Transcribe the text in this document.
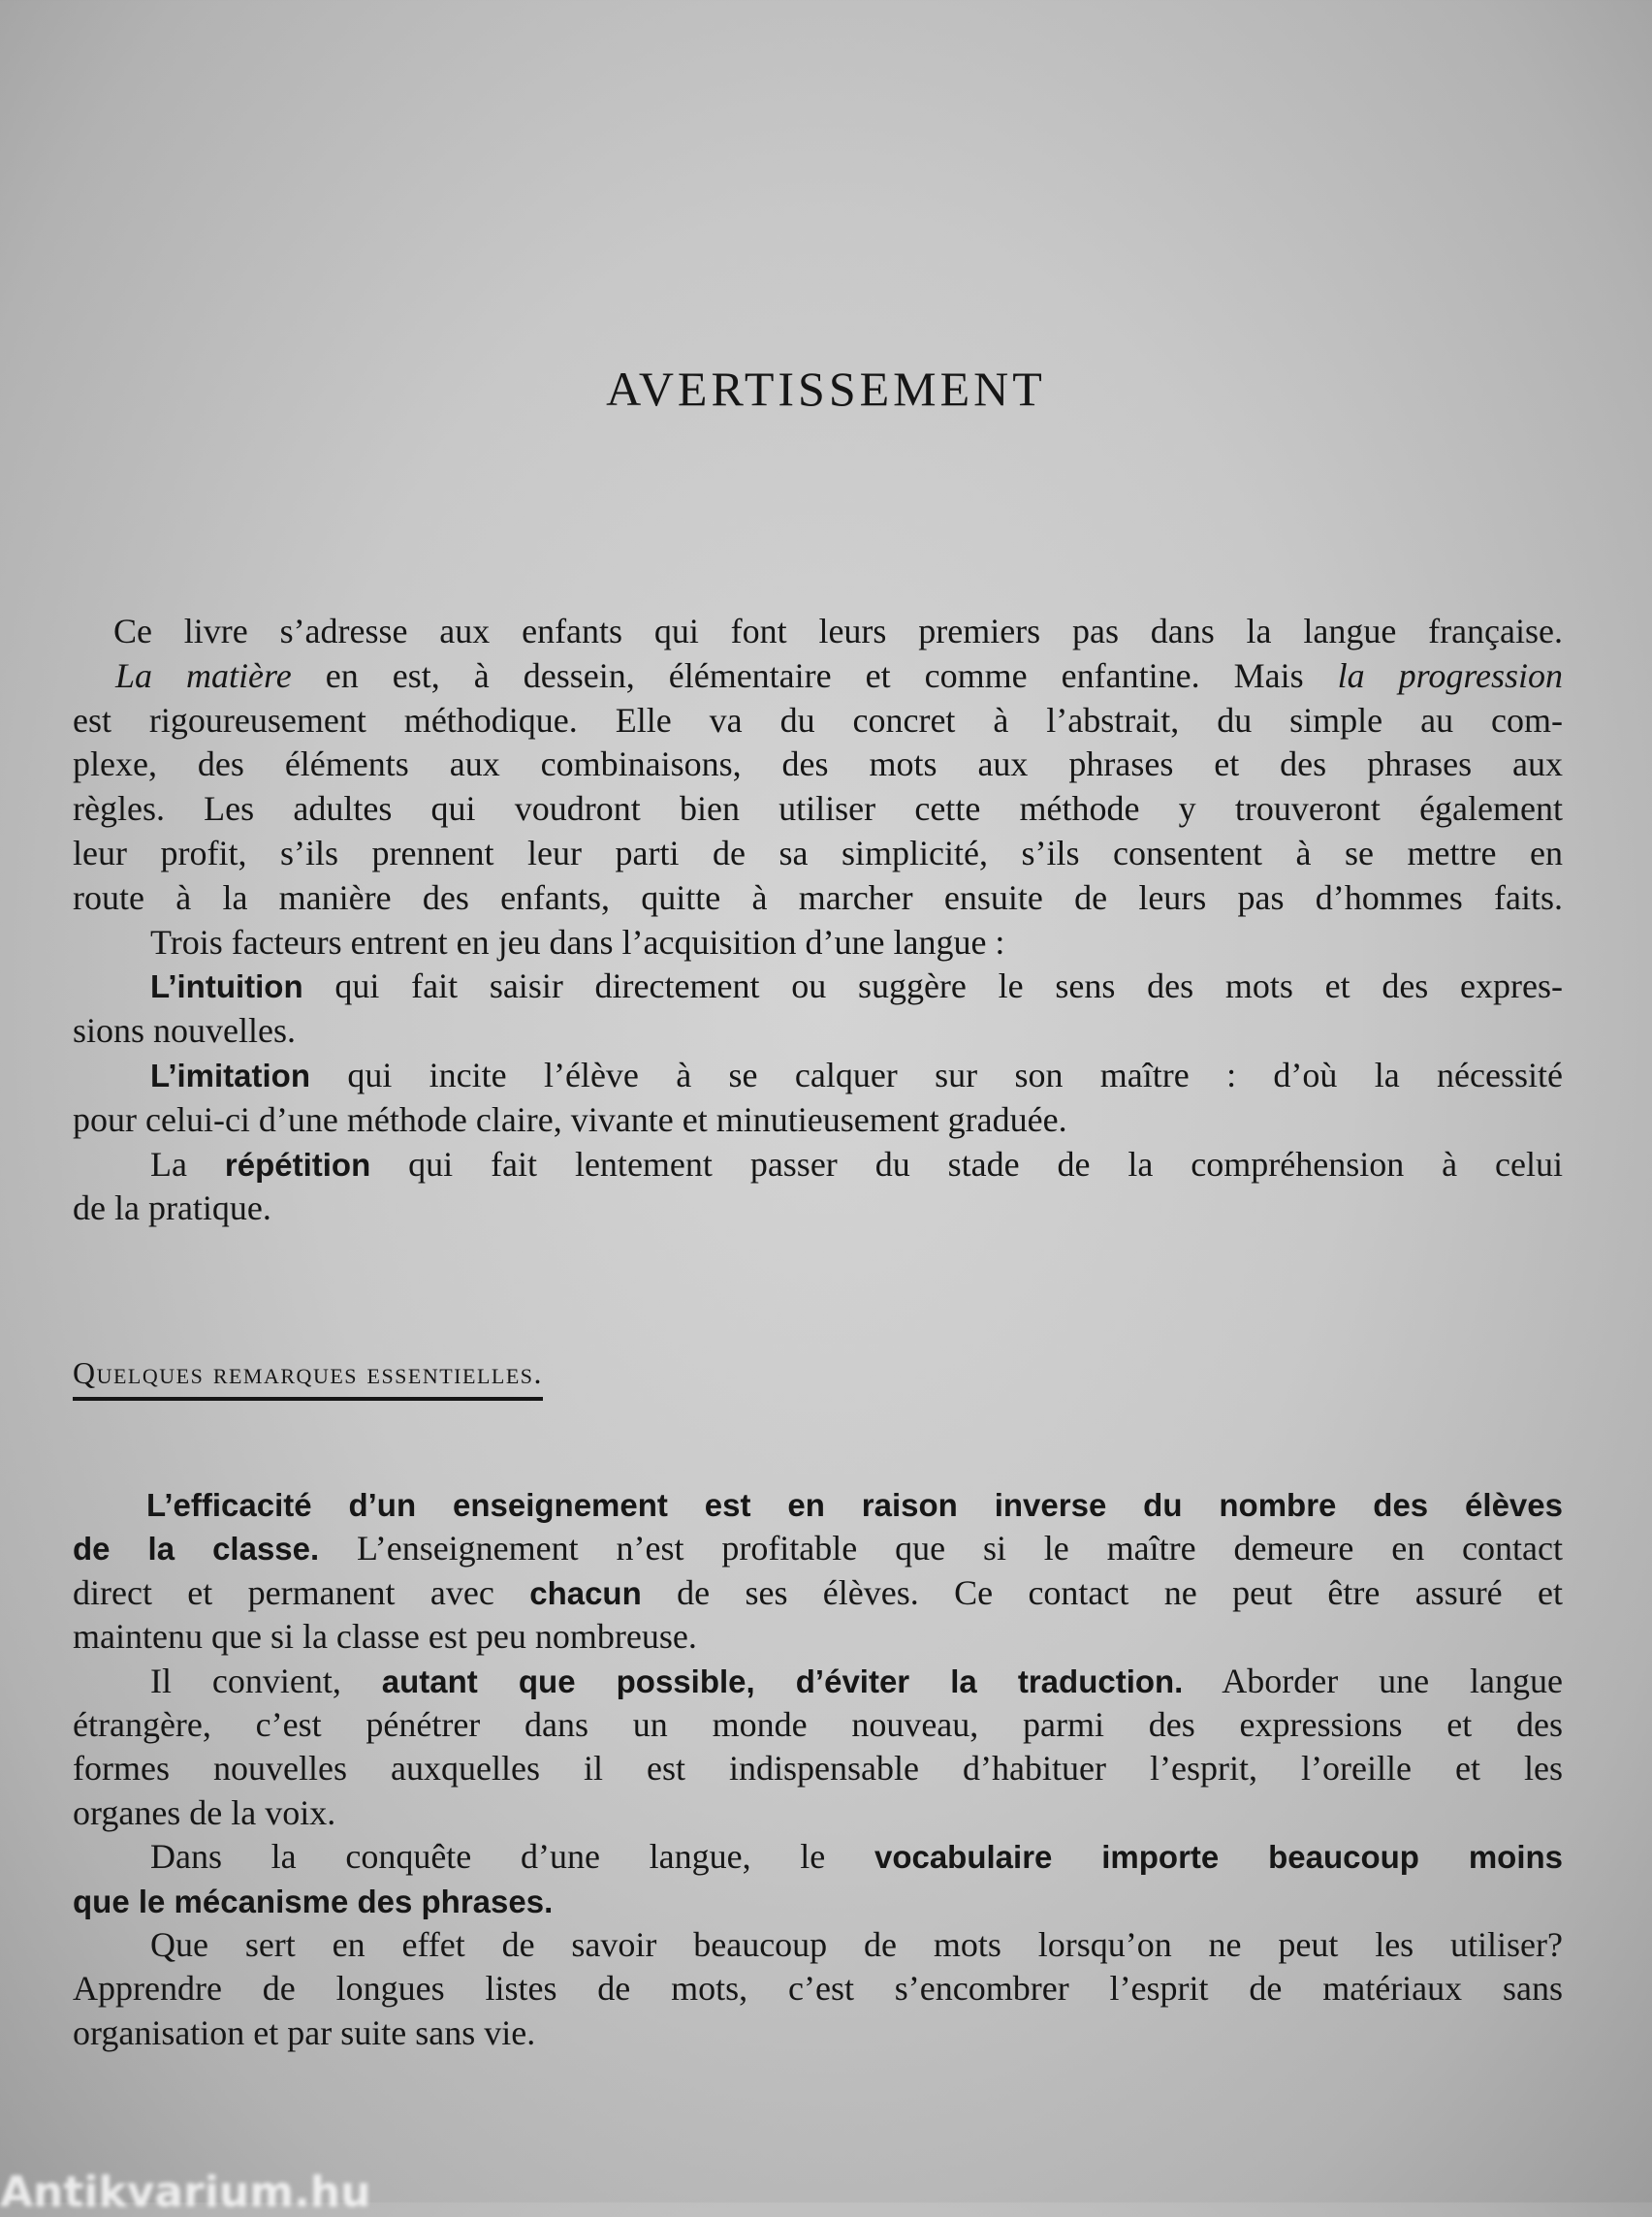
AVERTISSEMENT
Ce livre s’adresse aux enfants qui font leurs premiers pas dans la langue française.
La matière en est, à dessein, élémentaire et comme enfantine. Mais la progression
est rigoureusement méthodique. Elle va du concret à l’abstrait, du simple au com-
plexe, des éléments aux combinaisons, des mots aux phrases et des phrases aux
règles. Les adultes qui voudront bien utiliser cette méthode y trouveront également
leur profit, s’ils prennent leur parti de sa simplicité, s’ils consentent à se mettre en
route à la manière des enfants, quitte à marcher ensuite de leurs pas d’hommes faits.
Trois facteurs entrent en jeu dans l’acquisition d’une langue :
L’intuition qui fait saisir directement ou suggère le sens des mots et des expres-
sions nouvelles.
L’imitation qui incite l’élève à se calquer sur son maître : d’où la nécessité
pour celui-ci d’une méthode claire, vivante et minutieusement graduée.
La répétition qui fait lentement passer du stade de la compréhension à celui
de la pratique.
Quelques remarques essentielles.
L’efficacité d’un enseignement est en raison inverse du nombre des élèves
de la classe. L’enseignement n’est profitable que si le maître demeure en contact
direct et permanent avec chacun de ses élèves. Ce contact ne peut être assuré et
maintenu que si la classe est peu nombreuse.
Il convient, autant que possible, d’éviter la traduction. Aborder une langue
étrangère, c’est pénétrer dans un monde nouveau, parmi des expressions et des
formes nouvelles auxquelles il est indispensable d’habituer l’esprit, l’oreille et les
organes de la voix.
Dans la conquête d’une langue, le vocabulaire importe beaucoup moins
que le mécanisme des phrases.
Que sert en effet de savoir beaucoup de mots lorsqu’on ne peut les utiliser?
Apprendre de longues listes de mots, c’est s’encombrer l’esprit de matériaux sans
organisation et par suite sans vie.
Antikvarium.hu
